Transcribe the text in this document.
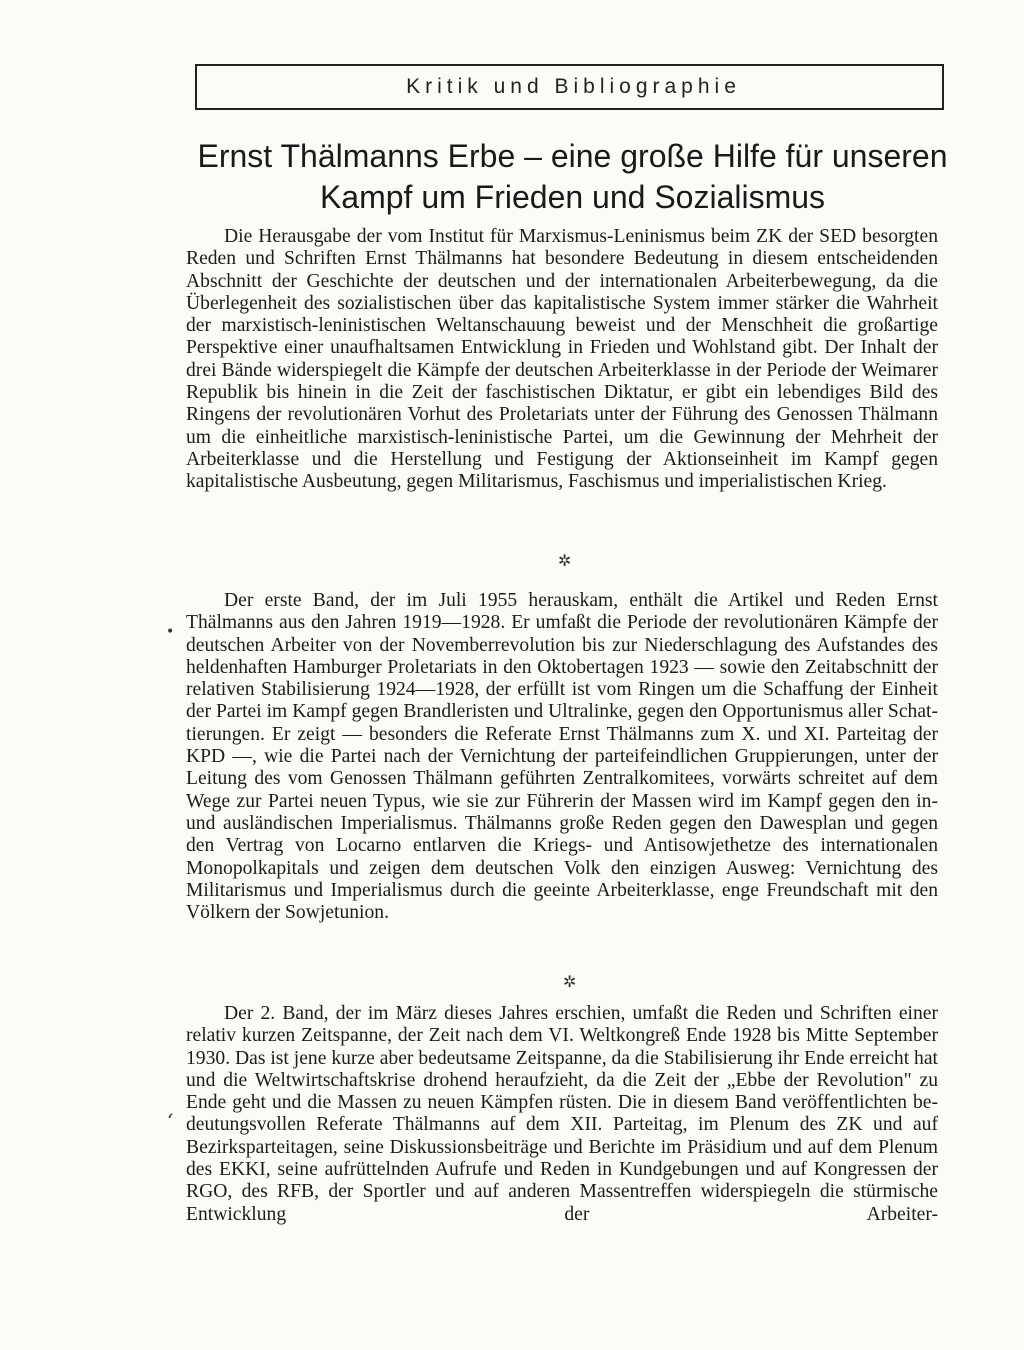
Kritik und Bibliographie
Ernst Thälmanns Erbe – eine große Hilfe für unseren
Kampf um Frieden und Sozialismus

Die Herausgabe der vom Institut für Marxismus-Leninismus beim ZK der SED besorgten Reden und Schriften Ernst Thälmanns hat besondere Bedeutung in diesem entscheidenden Abschnitt der Geschichte der deutschen und der internationalen Arbeiterbewegung, da die Überlegenheit des sozialistischen über das kapitalistische System immer stärker die Wahrheit der marxistisch-leninistischen Weltanschauung beweist und der Menschheit die großartige Perspektive einer unaufhaltsamen Entwicklung in Frieden und Wohlstand gibt. Der Inhalt der drei Bände widerspiegelt die Kämpfe der deutschen Arbeiterklasse in der Periode der Weimarer Republik bis hinein in die Zeit der faschistischen Diktatur, er gibt ein lebendiges Bild des Ringens der revolutionären Vorhut des Proletariats unter der Führung des Genossen Thälmann um die einheitliche marxistisch-leninistische Partei, um die Gewinnung der Mehrheit der Arbeiterklasse und die Herstellung und Festigung der Aktionseinheit im Kampf gegen kapitalistische Ausbeutung, gegen Militarismus, Faschismus und imperialistischen Krieg.

✲

Der erste Band, der im Juli 1955 herauskam, enthält die Artikel und Reden Ernst Thälmanns aus den Jahren 1919—1928. Er umfaßt die Periode der revolutionären Kämpfe der deutschen Arbeiter von der Novemberrevolution bis zur Niederschlagung des Aufstandes des heldenhaften Hamburger Proletariats in den Oktobertagen 1923 — sowie den Zeitabschnitt der relativen Stabilisierung 1924—1928, der erfüllt ist vom Ringen um die Schaffung der Einheit der Partei im Kampf gegen Brandleristen und Ultralinke, gegen den Opportunismus aller Schattierungen. Er zeigt — besonders die Referate Ernst Thälmanns zum X. und XI. Parteitag der KPD —, wie die Partei nach der Vernichtung der parteifeindlichen Gruppierungen, unter der Leitung des vom Genossen Thälmann geführten Zentralkomitees, vorwärts schreitet auf dem Wege zur Partei neuen Typus, wie sie zur Führerin der Massen wird im Kampf gegen den in- und ausländischen Imperialismus. Thälmanns große Reden gegen den Dawesplan und gegen den Vertrag von Locarno entlarven die Kriegs- und Antisowjethetze des internationalen Monopolkapitals und zeigen dem deutschen Volk den einzigen Ausweg: Vernichtung des Militarismus und Imperialismus durch die geeinte Arbeiterklasse, enge Freundschaft mit den Völkern der Sowjetunion.

✲

Der 2. Band, der im März dieses Jahres erschien, umfaßt die Reden und Schriften einer relativ kurzen Zeitspanne, der Zeit nach dem VI. Weltkongreß Ende 1928 bis Mitte September 1930. Das ist jene kurze aber bedeutsame Zeitspanne, da die Stabilisierung ihr Ende erreicht hat und die Weltwirtschaftskrise drohend heraufzieht, da die Zeit der „Ebbe der Revolution" zu Ende geht und die Massen zu neuen Kämpfen rüsten. Die in diesem Band veröffentlichten bedeutungsvollen Referate Thälmanns auf dem XII. Parteitag, im Plenum des ZK und auf Bezirksparteitagen, seine Diskussionsbeiträge und Berichte im Präsidium und auf dem Plenum des EKKI, seine aufrüttelnden Aufrufe und Reden in Kundgebungen und auf Kongressen der RGO, des RFB, der Sportler und auf anderen Massentreffen widerspiegeln die stürmische Entwicklung der Arbeiter-

•
ʻ
